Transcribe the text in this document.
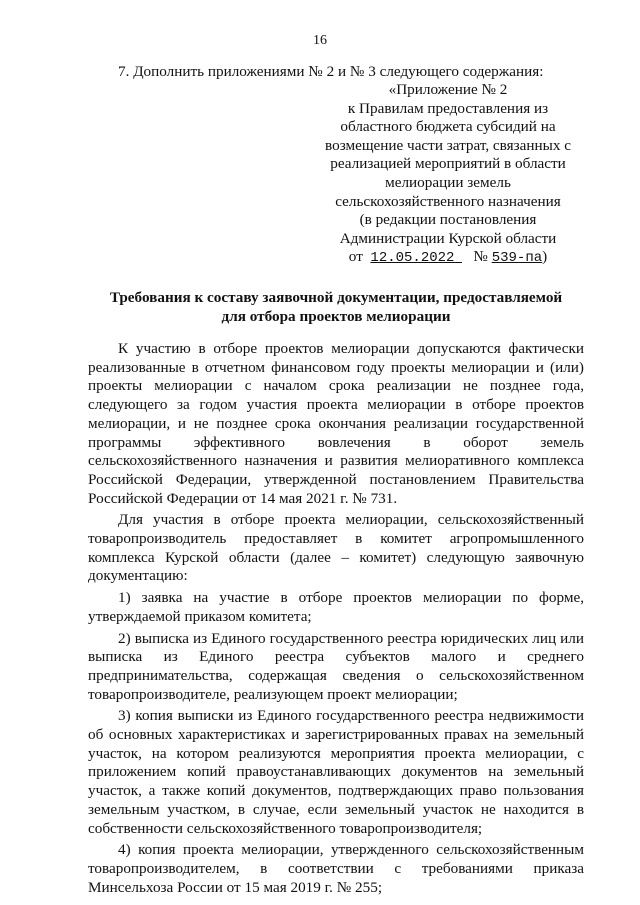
16
7. Дополнить приложениями № 2 и № 3 следующего содержания:
«Приложение № 2
к Правилам предоставления из
областного бюджета субсидий на
возмещение части затрат, связанных с
реализацией мероприятий в области
мелиорации земель
сельскохозяйственного назначения
(в редакции постановления
Администрации Курской области
от 12.05.2022 № 539-па)
Требования к составу заявочной документации, предоставляемой
для отбора проектов мелиорации

К участию в отборе проектов мелиорации допускаются фактически реализованные в отчетном финансовом году проекты мелиорации и (или) проекты мелиорации с началом срока реализации не позднее года, следующего за годом участия проекта мелиорации в отборе проектов мелиорации, и не позднее срока окончания реализации государственной программы эффективного вовлечения в оборот земель сельскохозяйственного назначения и развития мелиоративного комплекса Российской Федерации, утвержденной постановлением Правительства Российской Федерации от 14 мая 2021 г. № 731.

Для участия в отборе проекта мелиорации, сельскохозяйственный товаропроизводитель предоставляет в комитет агропромышленного комплекса Курской области (далее – комитет) следующую заявочную документацию:

1) заявка на участие в отборе проектов мелиорации по форме, утверждаемой приказом комитета;

2) выписка из Единого государственного реестра юридических лиц или выписка из Единого реестра субъектов малого и среднего предпринимательства, содержащая сведения о сельскохозяйственном товаропроизводителе, реализующем проект мелиорации;

3) копия выписки из Единого государственного реестра недвижимости об основных характеристиках и зарегистрированных правах на земельный участок, на котором реализуются мероприятия проекта мелиорации, с приложением копий правоустанавливающих документов на земельный участок, а также копий документов, подтверждающих право пользования земельным участком, в случае, если земельный участок не находится в собственности сельскохозяйственного товаропроизводителя;

4) копия проекта мелиорации, утвержденного сельскохозяйственным товаропроизводителем, в соответствии с требованиями приказа Минсельхоза России от 15 мая 2019 г. № 255;
